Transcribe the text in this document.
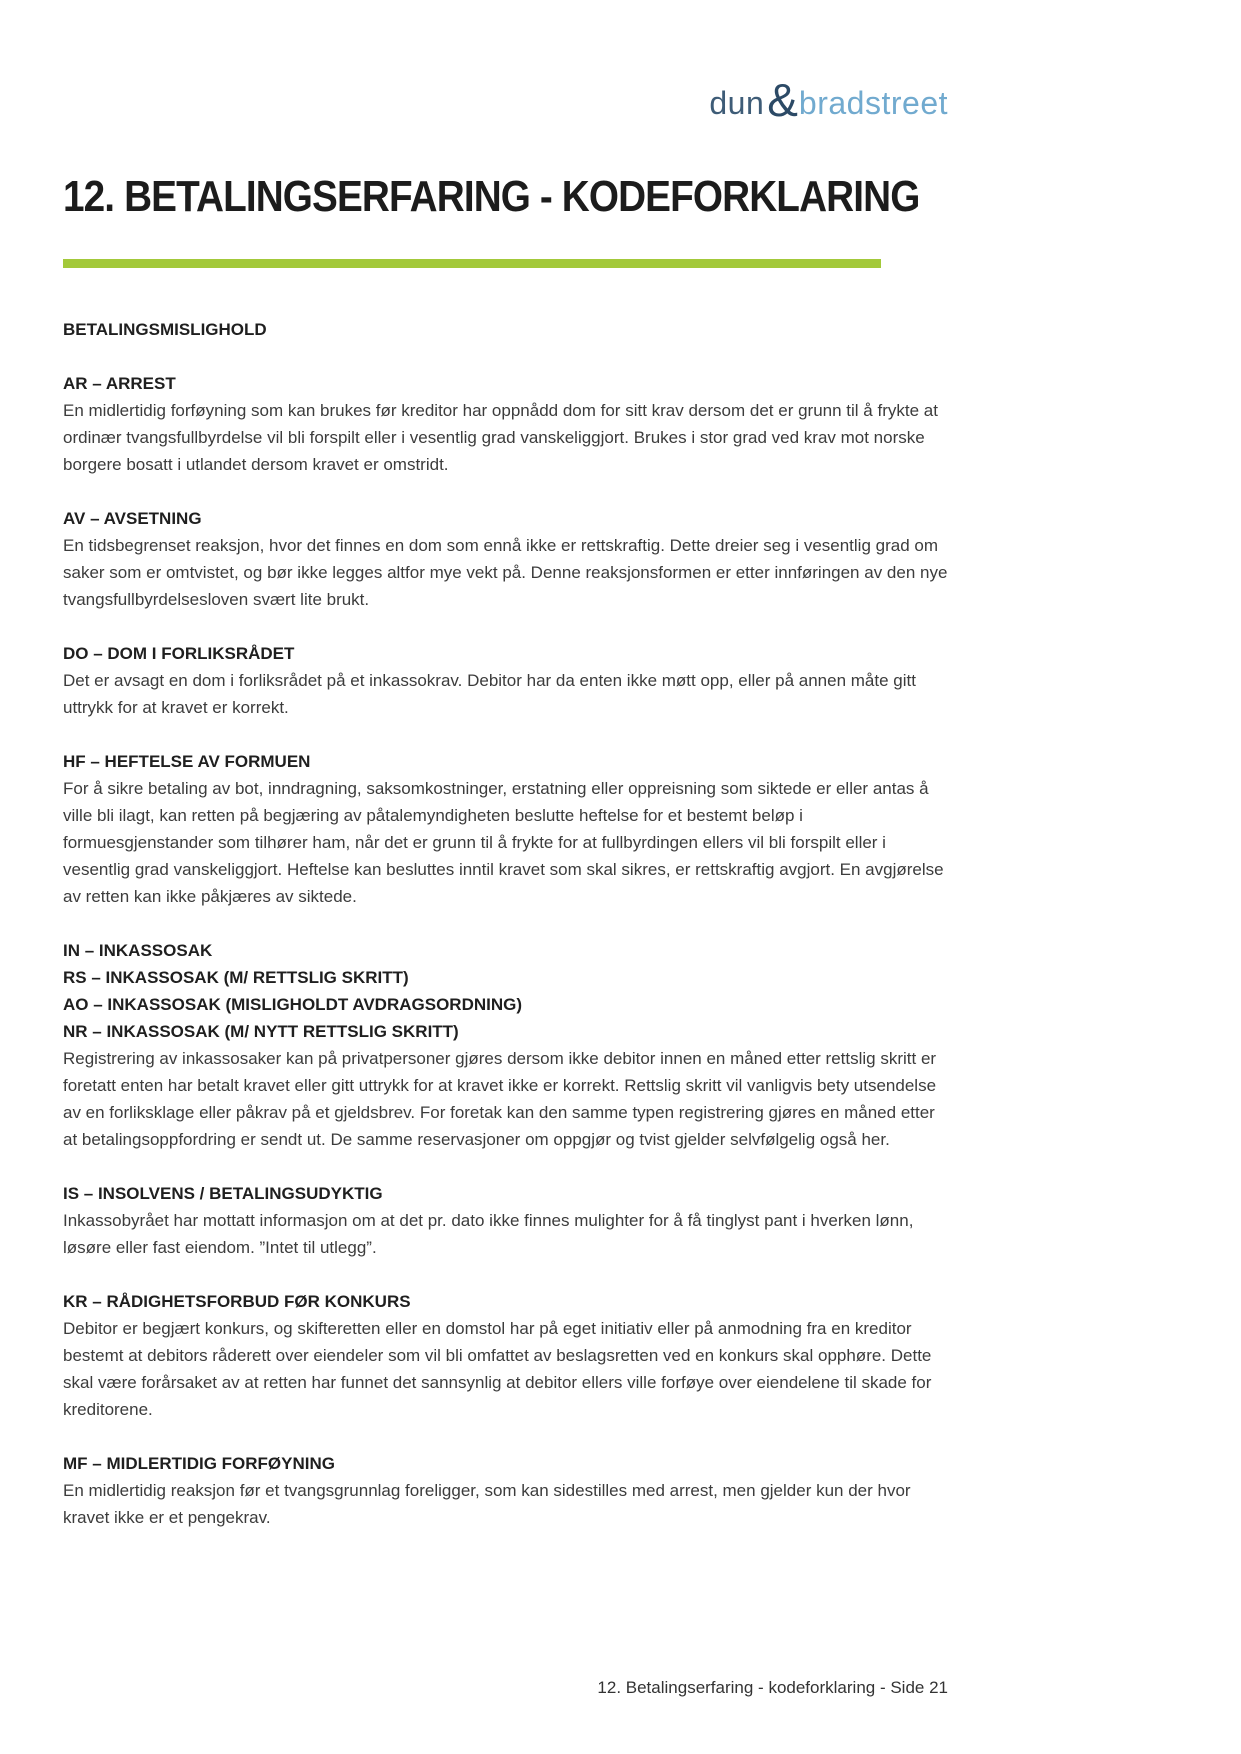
dun & bradstreet
12. BETALINGSERFARING - KODEFORKLARING
BETALINGSMISLIGHOLD
AR – ARREST
En midlertidig forføyning som kan brukes før kreditor har oppnådd dom for sitt krav dersom det er grunn til å frykte at ordinær tvangsfullbyrdelse vil bli forspilt eller i vesentlig grad vanskeliggjort. Brukes i stor grad ved krav mot norske borgere bosatt i utlandet dersom kravet er omstridt.
AV – AVSETNING
En tidsbegrenset reaksjon, hvor det finnes en dom som ennå ikke er rettskraftig. Dette dreier seg i vesentlig grad om saker som er omtvistet, og bør ikke legges altfor mye vekt på. Denne reaksjonsformen er etter innføringen av den nye tvangsfullbyrdelsesloven svært lite brukt.
DO – DOM I FORLIKSRÅDET
Det er avsagt en dom i forliksrådet på et inkassokrav. Debitor har da enten ikke møtt opp, eller på annen måte gitt uttrykk for at kravet er korrekt.
HF – HEFTELSE AV FORMUEN
For å sikre betaling av bot, inndragning, saksomkostninger, erstatning eller oppreisning som siktede er eller antas å ville bli ilagt, kan retten på begjæring av påtalemyndigheten beslutte heftelse for et bestemt beløp i formuesgjenstander som tilhører ham, når det er grunn til å frykte for at fullbyrdingen ellers vil bli forspilt eller i vesentlig grad vanskeliggjort. Heftelse kan besluttes inntil kravet som skal sikres, er rettskraftig avgjort. En avgjørelse av retten kan ikke påkjæres av siktede.
IN – INKASSOSAK
RS – INKASSOSAK (M/ RETTSLIG SKRITT)
AO – INKASSOSAK (MISLIGHOLDT AVDRAGSORDNING)
NR – INKASSOSAK (M/ NYTT RETTSLIG SKRITT)
Registrering av inkassosaker kan på privatpersoner gjøres dersom ikke debitor innen en måned etter rettslig skritt er foretatt enten har betalt kravet eller gitt uttrykk for at kravet ikke er korrekt. Rettslig skritt vil vanligvis bety utsendelse av en forliksklage eller påkrav på et gjeldsbrev. For foretak kan den samme typen registrering gjøres en måned etter at betalingsoppfordring er sendt ut. De samme reservasjoner om oppgjør og tvist gjelder selvfølgelig også her.
IS – INSOLVENS / BETALINGSUDYKTIG
Inkassobyrået har mottatt informasjon om at det pr. dato ikke finnes mulighter for å få tinglyst pant i hverken lønn, løsøre eller fast eiendom. ”Intet til utlegg”.
KR – RÅDIGHETSFORBUD FØR KONKURS
Debitor er begjært konkurs, og skifteretten eller en domstol har på eget initiativ eller på anmodning fra en kreditor bestemt at debitors råderett over eiendeler som vil bli omfattet av beslagsretten ved en konkurs skal opphøre. Dette skal være forårsaket av at retten har funnet det sannsynlig at debitor ellers ville forføye over eiendelene til skade for kreditorene.
MF – MIDLERTIDIG FORFØYNING
En midlertidig reaksjon før et tvangsgrunnlag foreligger, som kan sidestilles med arrest, men gjelder kun der hvor kravet ikke er et pengekrav.
12. Betalingserfaring - kodeforklaring - Side 21
